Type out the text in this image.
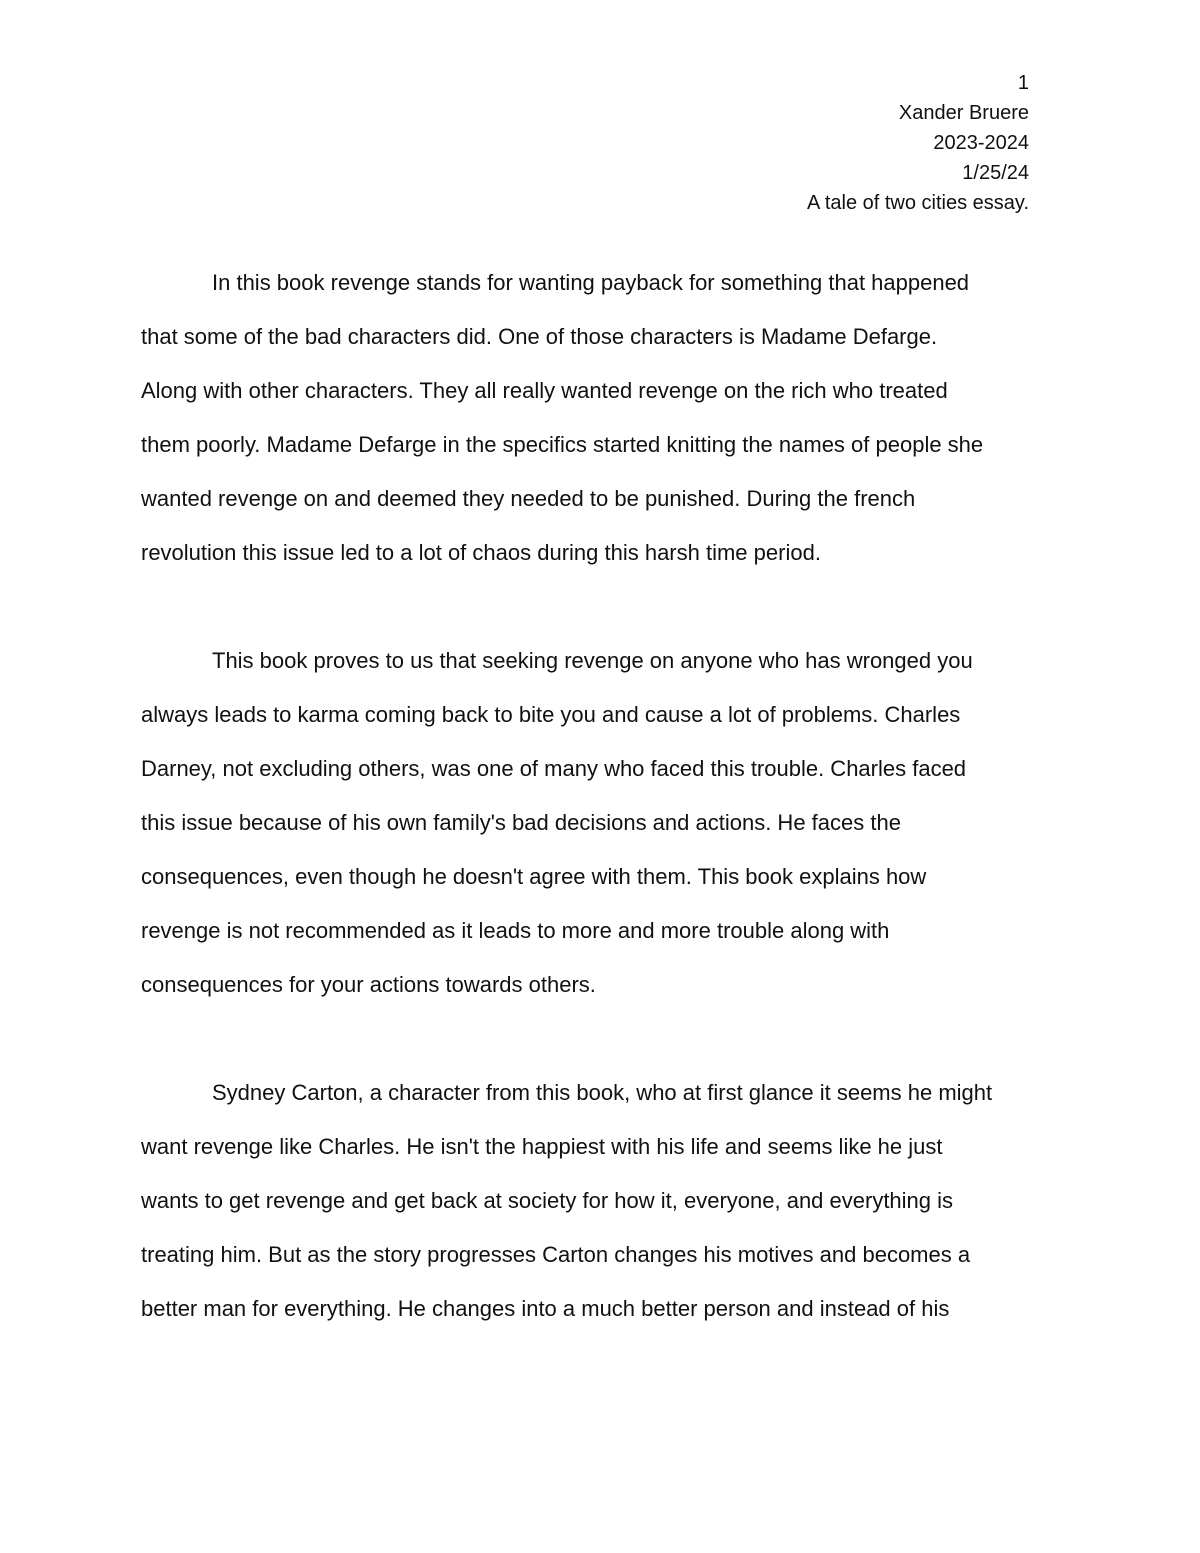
1
Xander Bruere
2023-2024
1/25/24
A tale of two cities essay.
In this book revenge stands for wanting payback for something that happened
that some of the bad characters did. One of those characters is Madame Defarge.
Along with other characters. They all really wanted revenge on the rich who treated
them poorly. Madame Defarge in the specifics started knitting the names of people she
wanted revenge on and deemed they needed to be punished. During the french
revolution this issue led to a lot of chaos during this harsh time period.
This book proves to us that seeking revenge on anyone who has wronged you
always leads to karma coming back to bite you and cause a lot of problems. Charles
Darney, not excluding others, was one of many who faced this trouble. Charles faced
this issue because of his own family's bad decisions and actions. He faces the
consequences, even though he doesn't agree with them. This book explains how
revenge is not recommended as it leads to more and more trouble along with
consequences for your actions towards others.
Sydney Carton, a character from this book, who at first glance it seems he might
want revenge like Charles. He isn't the happiest with his life and seems like he just
wants to get revenge and get back at society for how it, everyone, and everything is
treating him. But as the story progresses Carton changes his motives and becomes a
better man for everything. He changes into a much better person and instead of his
